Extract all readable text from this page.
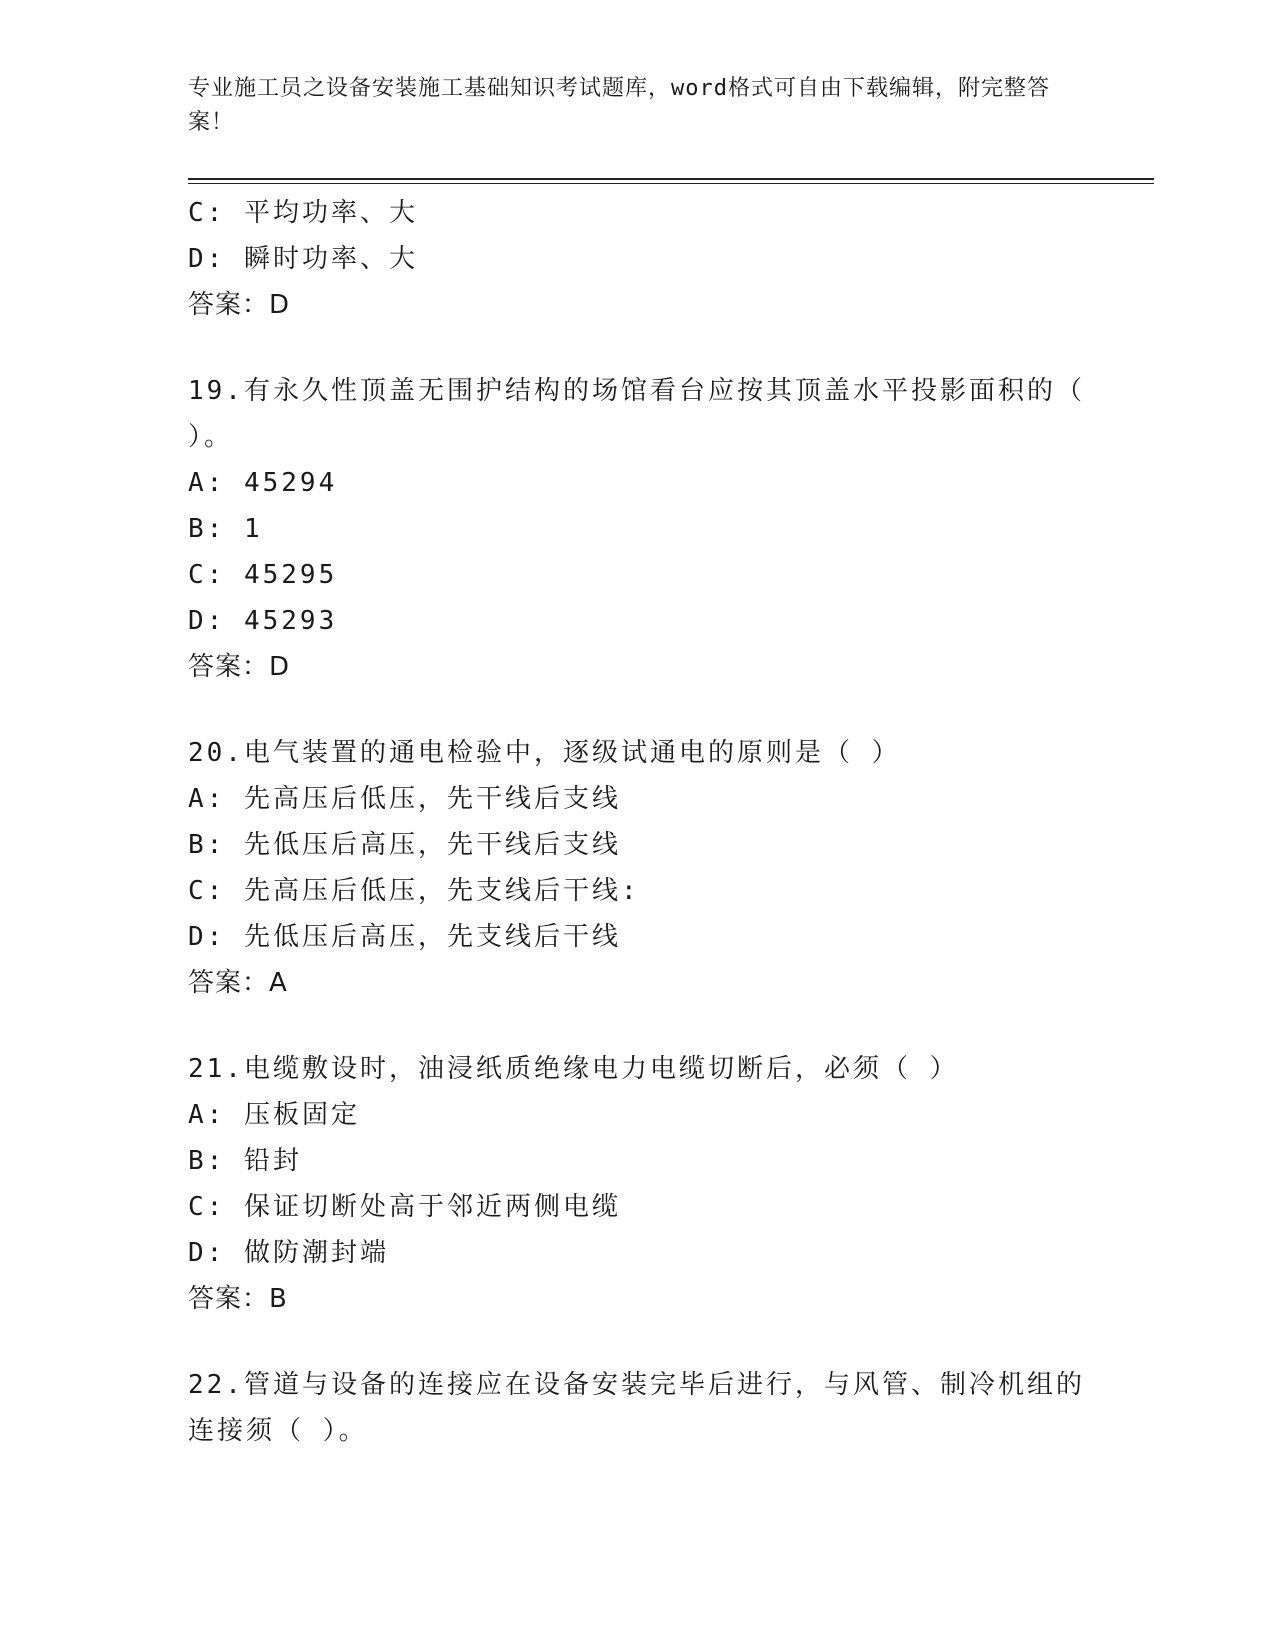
专业施工员之设备安装施工基础知识考试题库，word格式可自由下载编辑，附完整答案！
C: 平均功率、大
D: 瞬时功率、大
答案：D
19.有永久性顶盖无围护结构的场馆看台应按其顶盖水平投影面积的（
）。
A: 45294
B: 1
C: 45295
D: 45293
答案：D
20.电气装置的通电检验中，逐级试通电的原则是（ ）
A: 先高压后低压，先干线后支线
B: 先低压后高压，先干线后支线
C: 先高压后低压，先支线后干线:
D: 先低压后高压，先支线后干线
答案：A
21.电缆敷设时，油浸纸质绝缘电力电缆切断后，必须（ ）
A: 压板固定
B: 铅封
C: 保证切断处高于邻近两侧电缆
D: 做防潮封端
答案：B
22.管道与设备的连接应在设备安装完毕后进行，与风管、制冷机组的
连接须（ ）。
